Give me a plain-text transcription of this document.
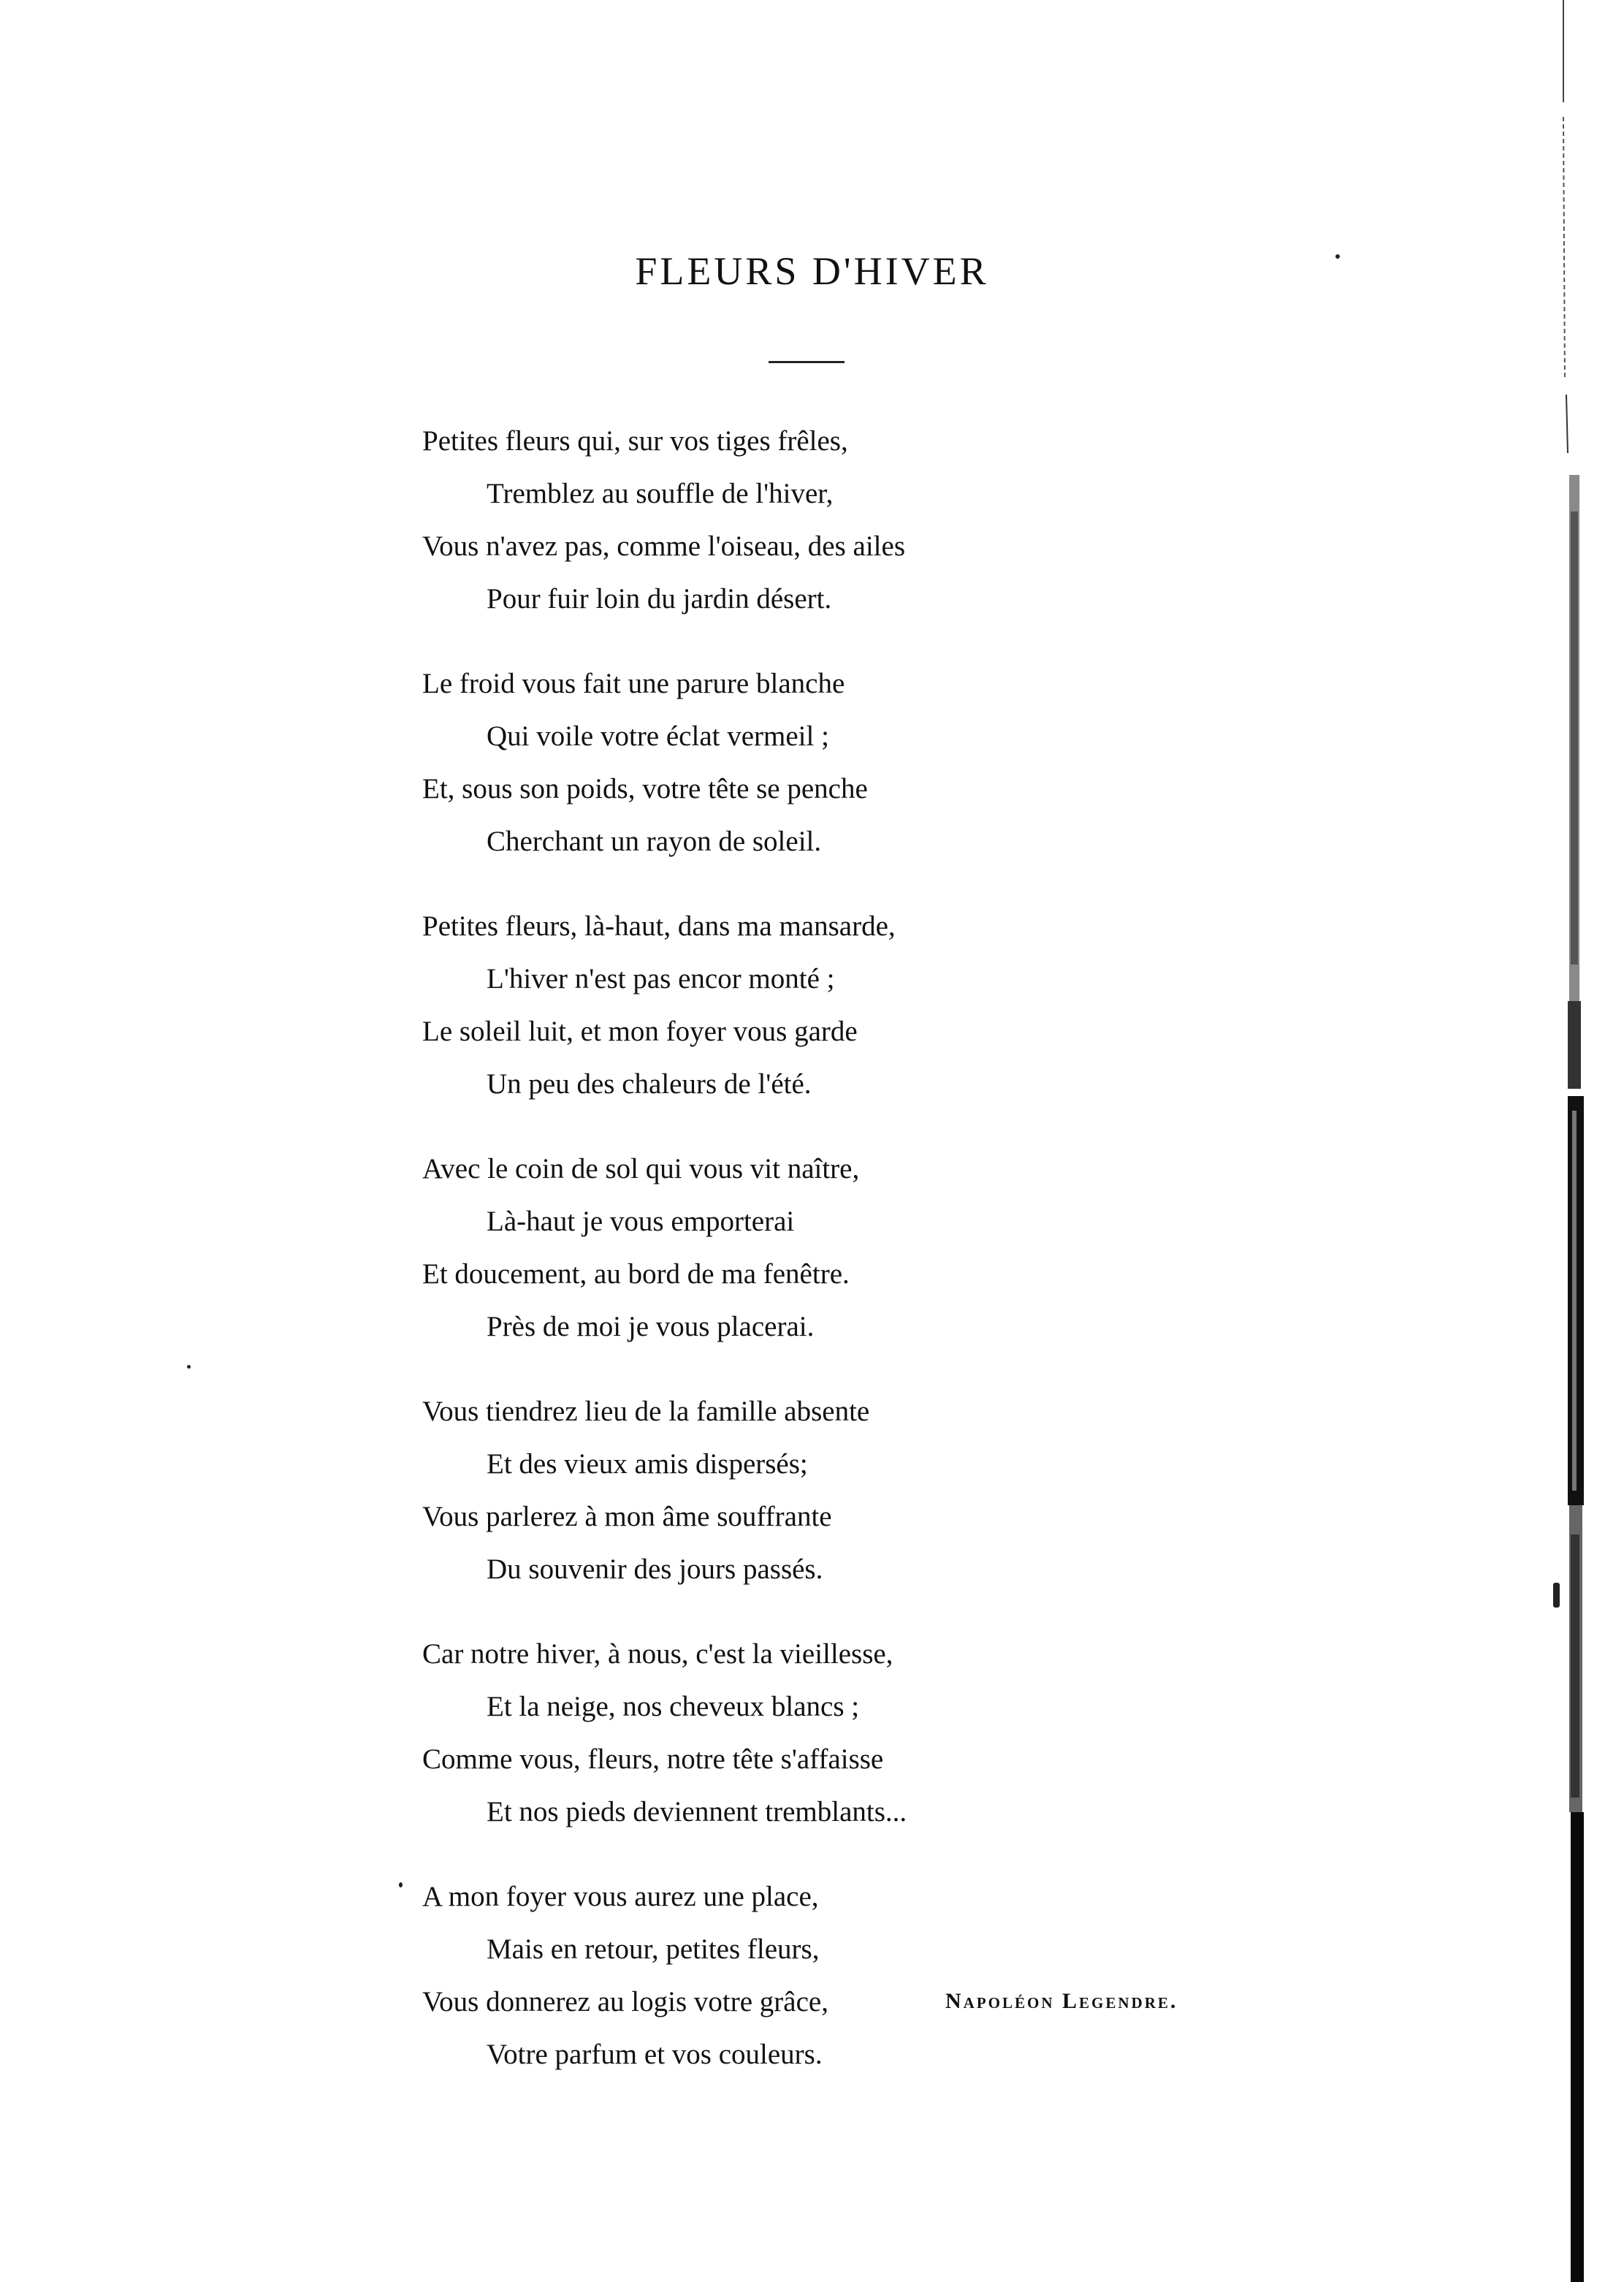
FLEURS D'HIVER
Petites fleurs qui, sur vos tiges frêles,
Tremblez au souffle de l'hiver,
Vous n'avez pas, comme l'oiseau, des ailes
Pour fuir loin du jardin désert.
Le froid vous fait une parure blanche
Qui voile votre éclat vermeil ;
Et, sous son poids, votre tête se penche
Cherchant un rayon de soleil.
Petites fleurs, là-haut, dans ma mansarde,
L'hiver n'est pas encor monté ;
Le soleil luit, et mon foyer vous garde
Un peu des chaleurs de l'été.
Avec le coin de sol qui vous vit naître,
Là-haut je vous emporterai
Et doucement, au bord de ma fenêtre.
Près de moi je vous placerai.
Vous tiendrez lieu de la famille absente
Et des vieux amis dispersés;
Vous parlerez à mon âme souffrante
Du souvenir des jours passés.
Car notre hiver, à nous, c'est la vieillesse,
Et la neige, nos cheveux blancs ;
Comme vous, fleurs, notre tête s'affaisse
Et nos pieds deviennent tremblants...
A mon foyer vous aurez une place,
Mais en retour, petites fleurs,
Vous donnerez au logis votre grâce,
Votre parfum et vos couleurs.
Napoléon Legendre.
